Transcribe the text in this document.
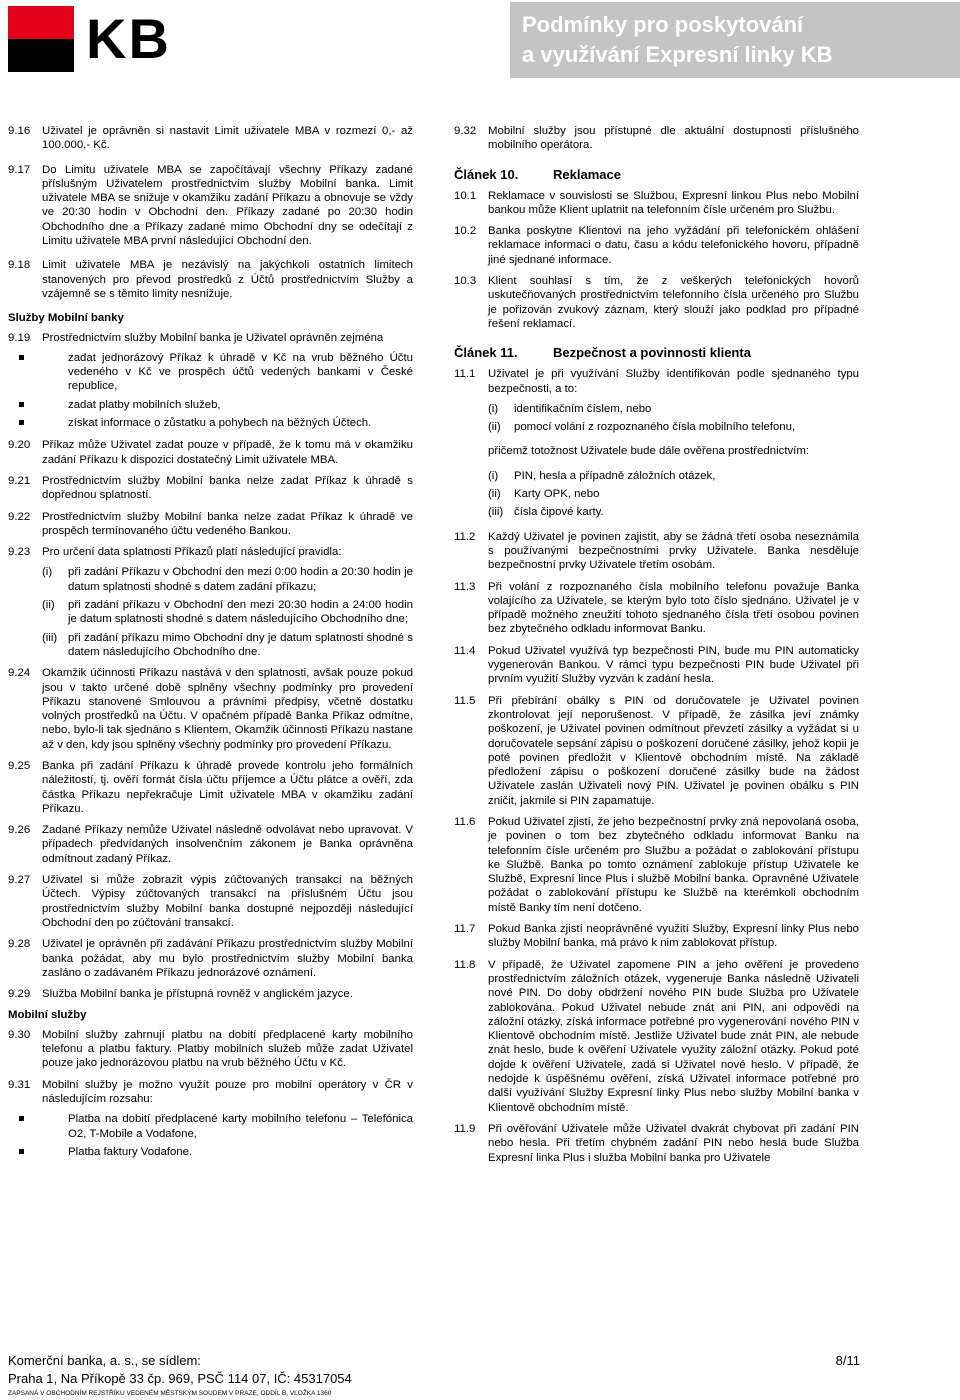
KB	Podmínky pro poskytování
a využívání Expresní linky KB
9.16 Uživatel je oprávněn si nastavit Limit uživatele MBA v rozmezí 0,- až 100.000,- Kč.
9.17 Do Limitu uživatele MBA se započítávají všechny Příkazy zadané příslušným Uživatelem prostřednictvím služby Mobilní banka. Limit uživatele MBA se snižuje v okamžiku zadání Příkazu a obnovuje se vždy ve 20:30 hodin v Obchodní den. Příkazy zadané po 20:30 hodin Obchodního dne a Příkazy zadané mimo Obchodní dny se odečítají z Limitu uživatele MBA první následující Obchodní den.
9.18 Limit uživatele MBA je nezávislý na jakýchkoli ostatních limitech stanovených pro převod prostředků z Účtů prostřednictvím Služby a vzájemně se s těmito limity nesnižuje.
Služby Mobilní banky
9.19 Prostřednictvím služby Mobilní banka je Uživatel oprávněn zejména
zadat jednorázový Příkaz k úhradě v Kč na vrub běžného Účtu vedeného v Kč ve prospěch účtů vedených bankami v České republice,
zadat platby mobilních služeb,
získat informace o zůstatku a pohybech na běžných Účtech.
9.20 Příkaz může Uživatel zadat pouze v případě, že k tomu má v okamžiku zadání Příkazu k dispozici dostatečný Limit uživatele MBA.
9.21 Prostřednictvím služby Mobilní banka nelze zadat Příkaz k úhradě s dopřednou splatností.
9.22 Prostřednictvím služby Mobilní banka nelze zadat Příkaz k úhradě ve prospěch termínovaného účtu vedeného Bankou.
9.23 Pro určení data splatnosti Příkazů platí následující pravidla:
(i) při zadání Příkazu v Obchodní den mezi 0:00 hodin a 20:30 hodin je datum splatnosti shodné s datem zadání příkazu;
(ii) při zadání příkazu v Obchodní den mezi 20:30 hodin a 24:00 hodin je datum splatnosti shodné s datem následujícího Obchodního dne;
(iii) při zadání příkazu mimo Obchodní dny je datum splatnosti shodné s datem následujícího Obchodního dne.
9.24 Okamžik účinnosti Příkazu nastává v den splatnosti, avšak pouze pokud jsou v takto určené době splněny všechny podmínky pro provedení Příkazu stanovené Smlouvou a právními předpisy, včetně dostatku volných prostředků na Účtu. V opačném případě Banka Příkaz odmítne, nebo, bylo-li tak sjednáno s Klientem, Okamžik účinnosti Příkazu nastane až v den, kdy jsou splněny všechny podmínky pro provedení Příkazu.
9.25 Banka při zadání Příkazu k úhradě provede kontrolu jeho formálních náležitostí, tj. ověří formát čísla účtu příjemce a Účtu plátce a ověří, zda částka Příkazu nepřekračuje Limit uživatele MBA v okamžiku zadání Příkazu.
9.26 Zadané Příkazy nemůže Uživatel následně odvolávat nebo upravovat. V případech předvídaných insolvenčním zákonem je Banka oprávněna odmítnout zadaný Příkaz.
9.27 Uživatel si může zobrazit výpis zúčtovaných transakcí na běžných Účtech. Výpisy zúčtovaných transakcí na příslušném Účtu jsou prostřednictvím služby Mobilní banka dostupné nejpozději následující Obchodní den po zúčtování transakcí.
9.28 Uživatel je oprávněn při zadávání Příkazu prostřednictvím služby Mobilní banka požádat, aby mu bylo prostřednictvím služby Mobilní banka zasláno o zadávaném Příkazu jednorázové oznámení.
9.29 Služba Mobilní banka je přístupná rovněž v anglickém jazyce.
Mobilní služby
9.30 Mobilní služby zahrnují platbu na dobití předplacené karty mobilního telefonu a platbu faktury. Platby mobilních služeb může zadat Uživatel pouze jako jednorázovou platbu na vrub běžného Účtu v Kč.
9.31 Mobilní služby je možno využít pouze pro mobilní operátory v ČR v následujícím rozsahu:
Platba na dobití předplacené karty mobilního telefonu – Telefónica O2, T-Mobile a Vodafone,
Platba faktury Vodafone.
9.32 Mobilní služby jsou přístupné dle aktuální dostupnosti příslušného mobilního operátora.
Článek 10.	Reklamace
10.1 Reklamace v souvislosti se Službou, Expresní linkou Plus nebo Mobilní bankou může Klient uplatnit na telefonním čísle určeném pro Službu.
10.2 Banka poskytne Klientovi na jeho vyžádání při telefonickém ohlášení reklamace informaci o datu, času a kódu telefonického hovoru, případně jiné sjednané informace.
10.3 Klient souhlasí s tím, že z veškerých telefonických hovorů uskutečňovaných prostřednictvím telefonního čísla určeného pro Službu je pořizován zvukový záznam, který slouží jako podklad pro případné řešení reklamací.
Článek 11.	Bezpečnost a povinnosti klienta
11.1 Uživatel je při využívání Služby identifikován podle sjednaného typu bezpečnosti, a to:
(i) identifikačním číslem, nebo
(ii) pomocí volání z rozpoznaného čísla mobilního telefonu,
přičemž totožnost Uživatele bude dále ověřena prostřednictvím:
(i) PIN, hesla a případně záložních otázek,
(ii) Karty OPK, nebo
(iii) čísla čipové karty.
11.2 Každý Uživatel je povinen zajistit, aby se žádná třetí osoba neseznámila s používanými bezpečnostními prvky Uživatele. Banka nesděluje bezpečnostní prvky Uživatele třetím osobám.
11.3 Při volání z rozpoznaného čísla mobilního telefonu považuje Banka volajícího za Uživatele, se kterým bylo toto číslo sjednáno. Uživatel je v případě možného zneužití tohoto sjednaného čísla třetí osobou povinen bez zbytečného odkladu informovat Banku.
11.4 Pokud Uživatel využívá typ bezpečnosti PIN, bude mu PIN automaticky vygenerován Bankou. V rámci typu bezpečnosti PIN bude Uživatel při prvním využití Služby vyzván k zadání hesla.
11.5 Při přebírání obálky s PIN od doručovatele je Uživatel povinen zkontrolovat její neporušenost. V případě, že zásilka jeví známky poškození, je Uživatel povinen odmítnout převzetí zásilky a vyžádat si u doručovatele sepsání zápisu o poškození doručené zásilky, jehož kopii je poté povinen předložit v Klientově obchodním místě. Na základě předložení zápisu o poškození doručené zásilky bude na žádost Uživatele zaslán Uživateli nový PIN. Uživatel je povinen obálku s PIN zničit, jakmile si PIN zapamatuje.
11.6 Pokud Uživatel zjistí, že jeho bezpečnostní prvky zná nepovolaná osoba, je povinen o tom bez zbytečného odkladu informovat Banku na telefonním čísle určeném pro Službu a požádat o zablokování přístupu ke Službě. Banka po tomto oznámení zablokuje přístup Uživatele ke Službě, Expresní lince Plus i službě Mobilní banka. Opravněné Uživatele požádat o zablokování přístupu ke Službě na kterémkoli obchodním místě Banky tím není dotčeno.
11.7 Pokud Banka zjistí neoprávněné využití Služby, Expresní linky Plus nebo služby Mobilní banka, má právo k nim zablokovat přístup.
11.8 V případě, že Uživatel zapomene PIN a jeho ověření je provedeno prostřednictvím záložních otázek, vygeneruje Banka následně Uživateli nové PIN. Do doby obdržení nového PIN bude Služba pro Uživatele zablokována. Pokud Uživatel nebude znát ani PIN, ani odpovědi na záložní otázky, získá informace potřebné pro vygenerování nového PIN v Klientově obchodním místě. Jestliže Uživatel bude znát PIN, ale nebude znát heslo, bude k ověření Uživatele využity záložní otázky. Pokud poté dojde k ověření Uživatele, zadá si Uživatel nové heslo. V případě, že nedojde k úspěšnému ověření, získá Uživatel informace potřebné pro další využívání Služby Expresní linky Plus nebo služby Mobilní banka v Klientově obchodním místě.
11.9 Při ověřování Uživatele může Uživatel dvakrát chybovat při zadání PIN nebo hesla. Při třetím chybném zadání PIN nebo hesla bude Služba Expresní linka Plus i služba Mobilní banka pro Uživatele
Komerční banka, a. s., se sídlem:	8/11
Praha 1, Na Příkopě 33 čp. 969, PSČ 114 07, IČ: 45317054
ZAPSANÁ V OBCHODNÍM REJSTŘÍKU VEDENÉM MĚSTSKÝM SOUDEM V PRAZE, ODDÍL B, VLOŽKA 1360
